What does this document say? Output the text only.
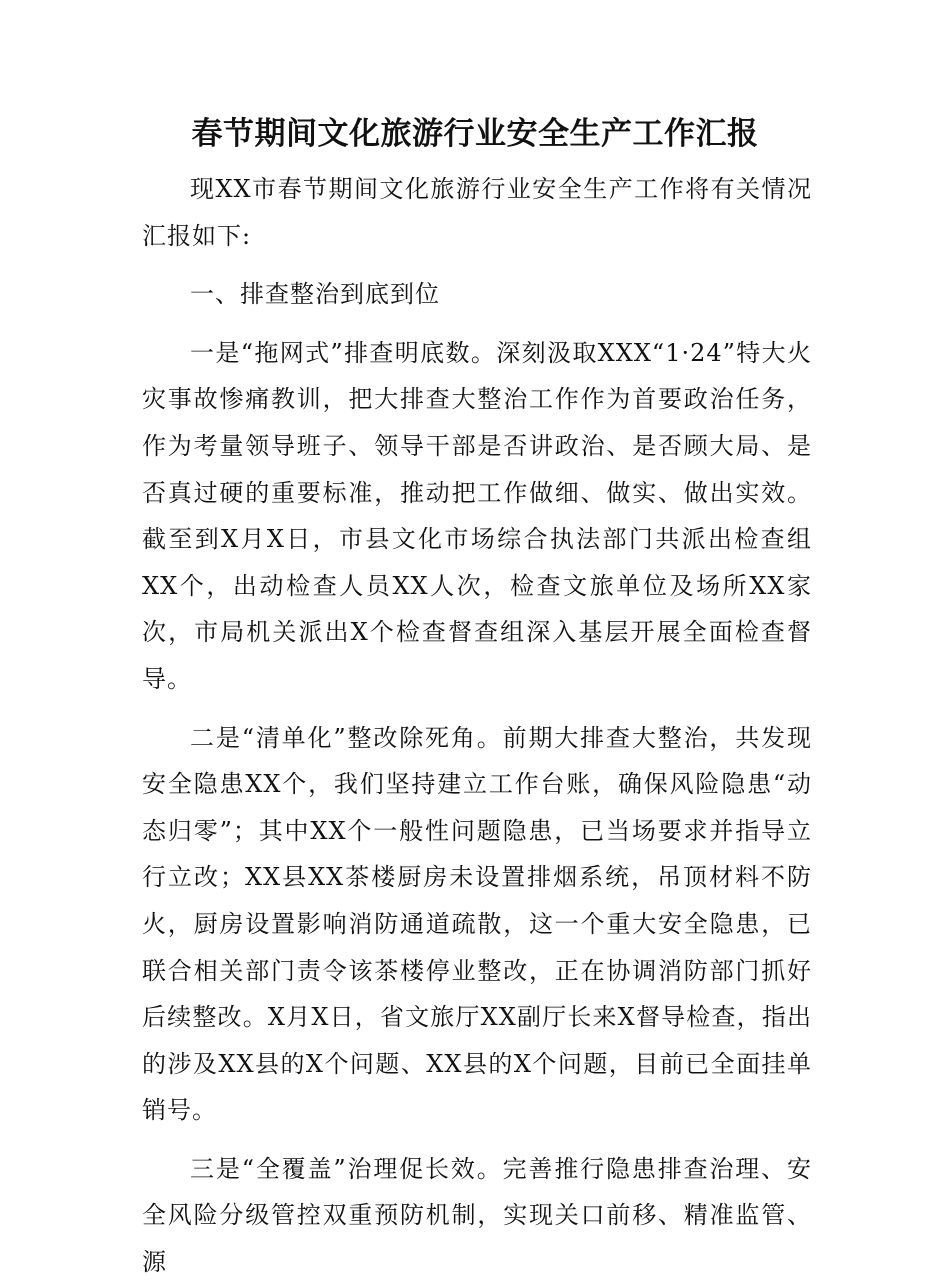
春节期间文化旅游行业安全生产工作汇报

现XX市春节期间文化旅游行业安全生产工作将有关情况汇报如下:

一、排查整治到底到位

一是“拖网式”排查明底数。深刻汲取XXX“1·24”特大火灾事故惨痛教训，把大排查大整治工作作为首要政治任务，作为考量领导班子、领导干部是否讲政治、是否顾大局、是否真过硬的重要标准，推动把工作做细、做实、做出实效。截至到X月X日，市县文化市场综合执法部门共派出检查组XX个，出动检查人员XX人次，检查文旅单位及场所XX家次，市局机关派出X个检查督查组深入基层开展全面检查督导。

二是“清单化”整改除死角。前期大排查大整治，共发现安全隐患XX个，我们坚持建立工作台账，确保风险隐患“动态归零”；其中XX个一般性问题隐患，已当场要求并指导立行立改；XX县XX茶楼厨房未设置排烟系统，吊顶材料不防火，厨房设置影响消防通道疏散，这一个重大安全隐患，已联合相关部门责令该茶楼停业整改，正在协调消防部门抓好后续整改。X月X日，省文旅厅XX副厅长来X督导检查，指出的涉及XX县的X个问题、XX县的X个问题，目前已全面挂单销号。

三是“全覆盖”治理促长效。完善推行隐患排查治理、安全风险分级管控双重预防机制，实现关口前移、精准监管、源
